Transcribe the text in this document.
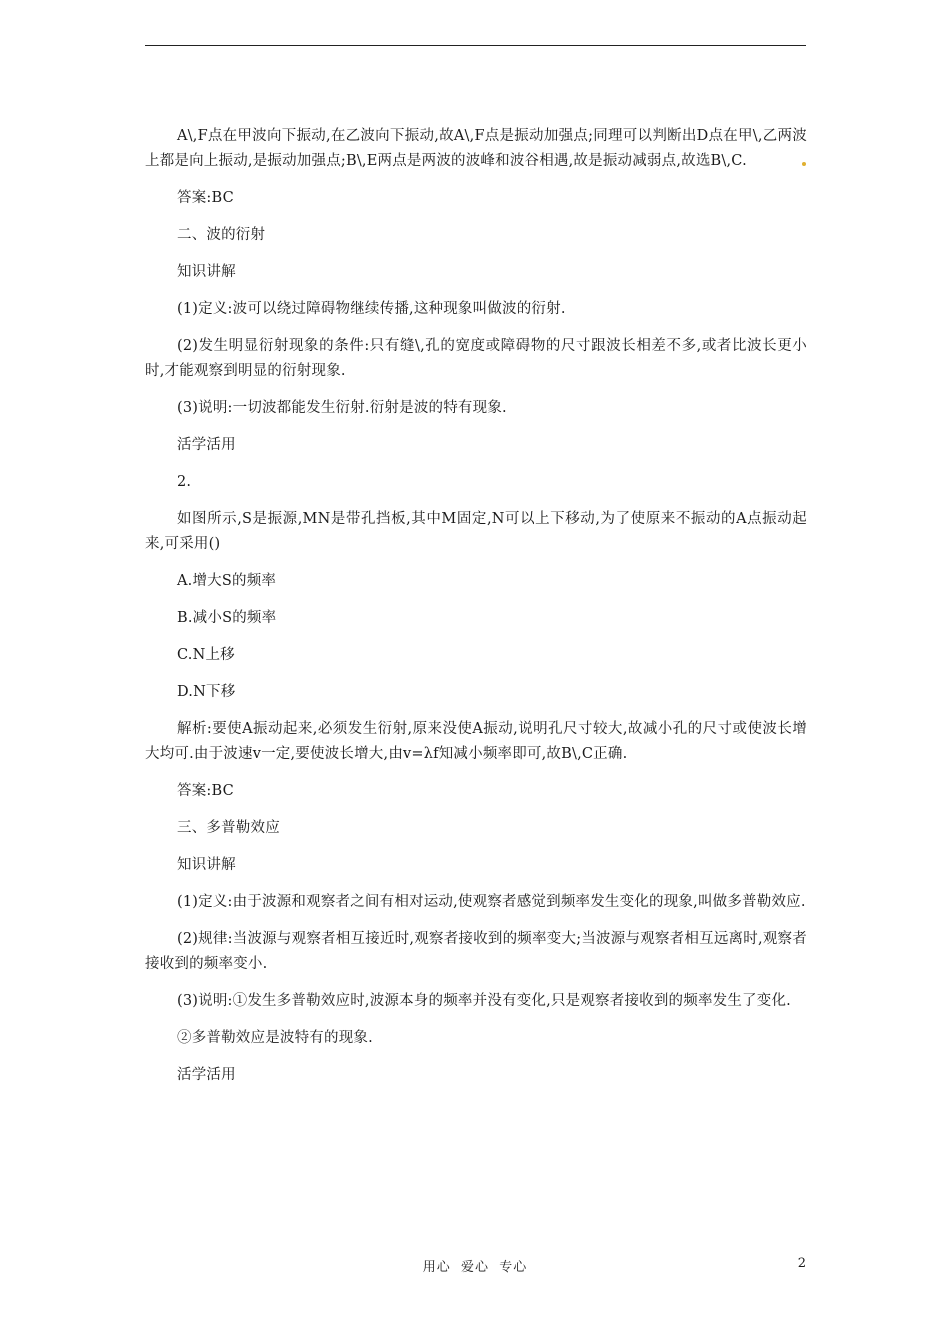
A\,F点在甲波向下振动,在乙波向下振动,故A\,F点是振动加强点;同理可以判断出D点在甲\,乙两波上都是向上振动,是振动加强点;B\,E两点是两波的波峰和波谷相遇,故是振动减弱点,故选B\,C.

答案:BC

二、波的衍射

知识讲解

(1)定义:波可以绕过障碍物继续传播,这种现象叫做波的衍射.

(2)发生明显衍射现象的条件:只有缝\,孔的宽度或障碍物的尺寸跟波长相差不多,或者比波长更小时,才能观察到明显的衍射现象.

(3)说明:一切波都能发生衍射.衍射是波的特有现象.

活学活用

2.

如图所示,S是振源,MN是带孔挡板,其中M固定,N可以上下移动,为了使原来不振动的A点振动起来,可采用()

A.增大S的频率

B.减小S的频率

C.N上移

D.N下移

解析:要使A振动起来,必须发生衍射,原来没使A振动,说明孔尺寸较大,故减小孔的尺寸或使波长增大均可.由于波速v一定,要使波长增大,由v=λf知减小频率即可,故B\,C正确.

答案:BC

三、多普勒效应

知识讲解

(1)定义:由于波源和观察者之间有相对运动,使观察者感觉到频率发生变化的现象,叫做多普勒效应.

(2)规律:当波源与观察者相互接近时,观察者接收到的频率变大;当波源与观察者相互远离时,观察者接收到的频率变小.

(3)说明:①发生多普勒效应时,波源本身的频率并没有变化,只是观察者接收到的频率发生了变化.

②多普勒效应是波特有的现象.

活学活用

用心  爱心  专心	2
